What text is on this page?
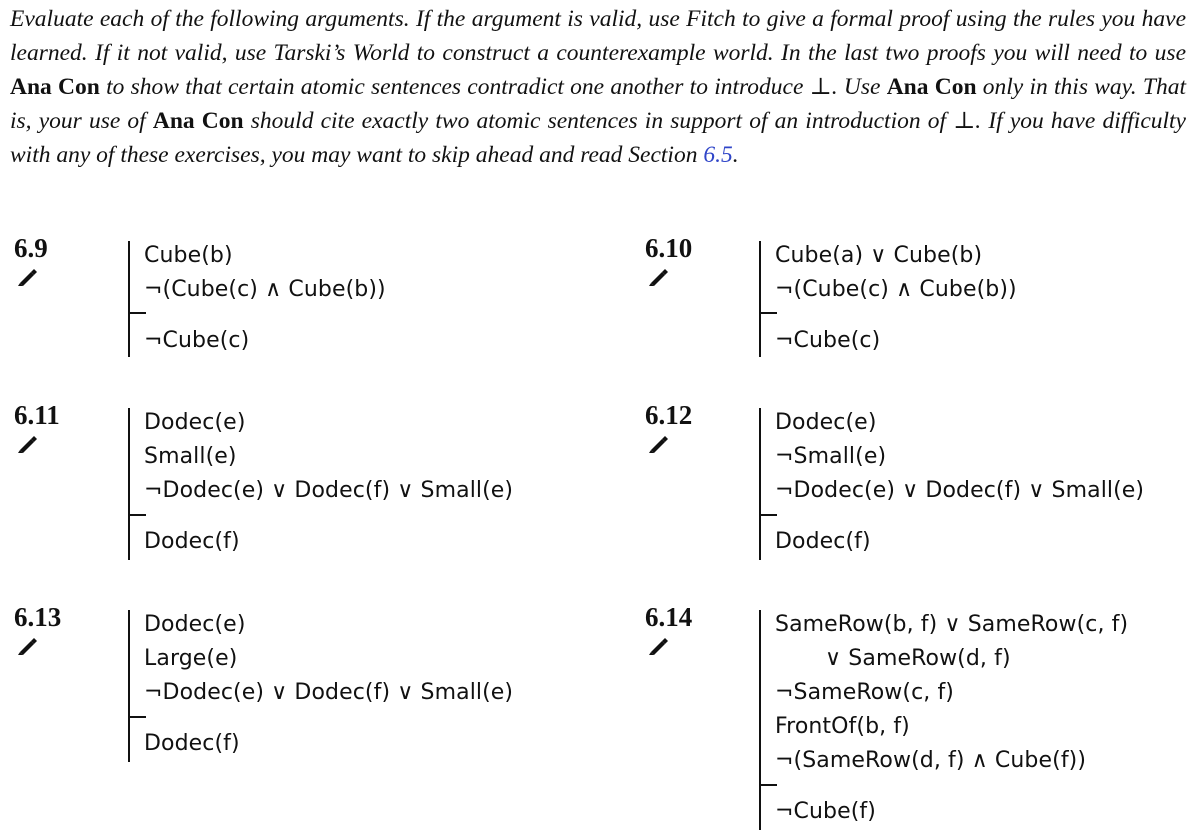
Evaluate each of the following arguments. If the argument is valid, use Fitch to give a formal proof using the rules you have learned. If it not valid, use Tarski’s World to construct a counterexample world. In the last two proofs you will need to use Ana Con to show that certain atomic sentences contradict one another to introduce ⊥. Use Ana Con only in this way. That is, your use of Ana Con should cite exactly two atomic sentences in support of an introduction of ⊥. If you have difficulty with any of these exercises, you may want to skip ahead and read Section 6.5.
6.9	Cube(b)
¬(Cube(c) ∧ Cube(b))
¬Cube(c)
6.10	Cube(a) ∨ Cube(b)
¬(Cube(c) ∧ Cube(b))
¬Cube(c)
6.11	Dodec(e)
Small(e)
¬Dodec(e) ∨ Dodec(f) ∨ Small(e)
Dodec(f)
6.12	Dodec(e)
¬Small(e)
¬Dodec(e) ∨ Dodec(f) ∨ Small(e)
Dodec(f)
6.13	Dodec(e)
Large(e)
¬Dodec(e) ∨ Dodec(f) ∨ Small(e)
Dodec(f)
6.14	SameRow(b, f) ∨ SameRow(c, f)
∨ SameRow(d, f)
¬SameRow(c, f)
FrontOf(b, f)
¬(SameRow(d, f) ∧ Cube(f))
¬Cube(f)
